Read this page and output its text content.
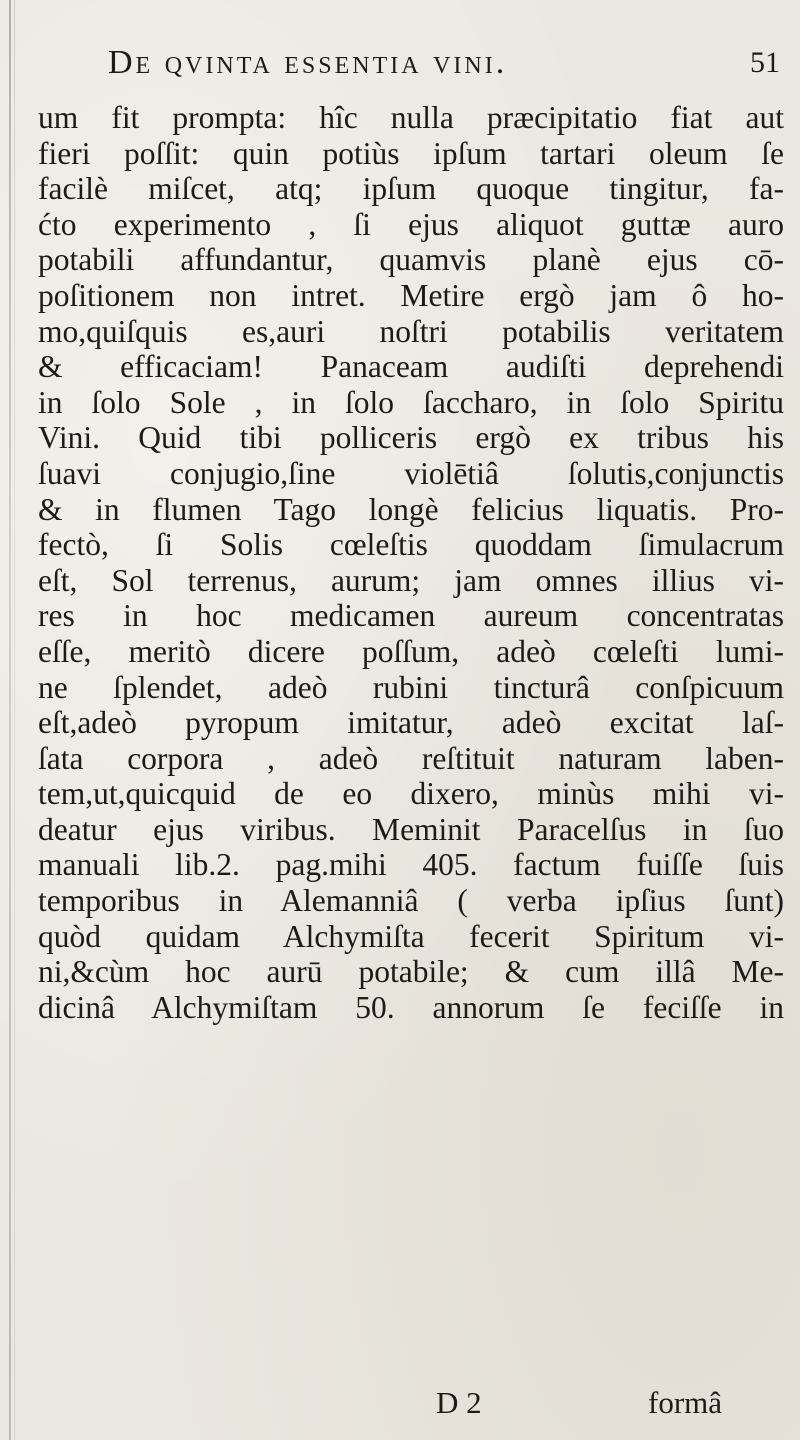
De qvinta essentia vini.	51
um fit prompta: hîc nulla præcipitatio fiat aut
fieri poſſit: quin potiùs ipſum tartari oleum ſe
facilè miſcet, atq; ipſum quoque tingitur, fa-
ćto experimento , ſi ejus aliquot guttæ auro
potabili affundantur, quamvis planè ejus cō-
poſitionem non intret. Metire ergò jam ô ho-
mo,quiſquis es,auri noſtri potabilis veritatem
& efficaciam! Panaceam audiſti deprehendi
in ſolo Sole , in ſolo ſaccharo, in ſolo Spiritu
Vini. Quid tibi polliceris ergò ex tribus his
ſuavi conjugio,ſine violētiâ ſolutis,conjunctis
& in flumen Tago longè felicius liquatis. Pro-
fectò, ſi Solis cœleſtis quoddam ſimulacrum
eſt, Sol terrenus, aurum; jam omnes illius vi-
res in hoc medicamen aureum concentratas
eſſe, meritò dicere poſſum, adeò cœleſti lumi-
ne ſplendet, adeò rubini tincturâ conſpicuum
eſt,adeò pyropum imitatur, adeò excitat laſ-
ſata corpora , adeò reſtituit naturam laben-
tem,ut,quicquid de eo dixero, minùs mihi vi-
deatur ejus viribus. Meminit Paracelſus in ſuo
manuali lib.2. pag.mihi 405. factum fuiſſe ſuis
temporibus in Alemanniâ ( verba ipſius ſunt)
quòd quidam Alchymiſta fecerit Spiritum vi-
ni,&cùm hoc aurū potabile; & cum illâ Me-
dicinâ Alchymiſtam 50. annorum ſe feciſſe in
D 2	formâ
